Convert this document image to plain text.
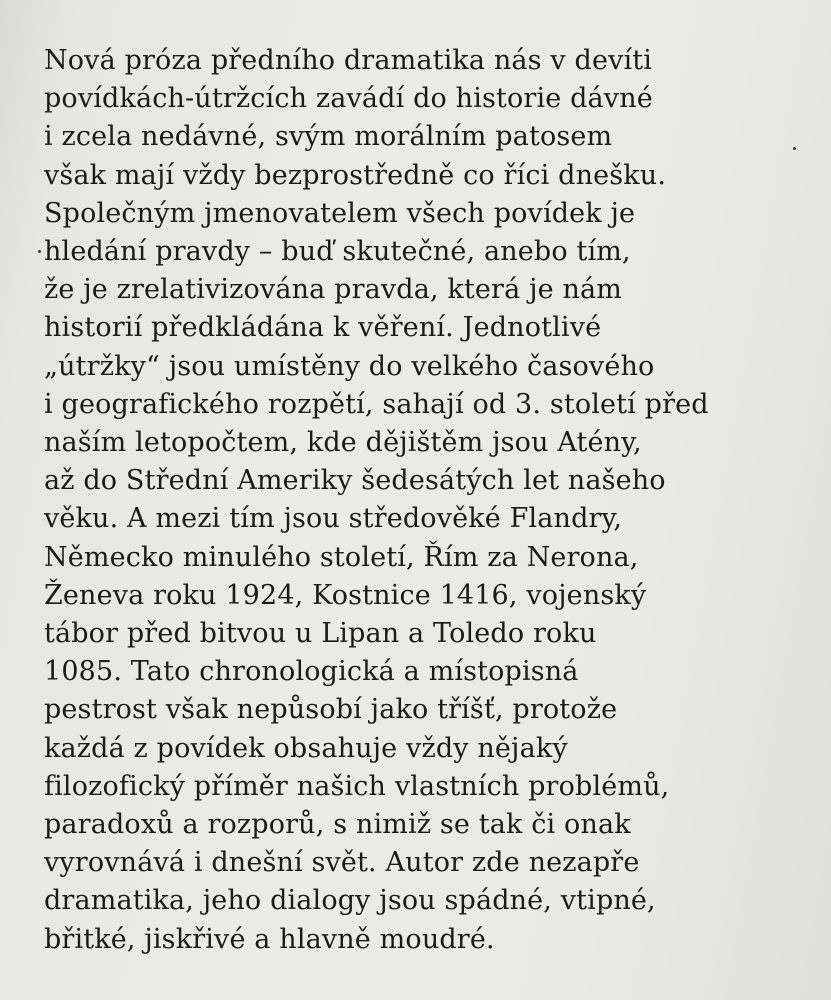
Nová próza předního dramatika nás v devíti
povídkách-útržcích zavádí do historie dávné
i zcela nedávné, svým morálním patosem
však mají vždy bezprostředně co říci dnešku.
Společným jmenovatelem všech povídek je
hledání pravdy – buď skutečné, anebo tím,
že je zrelativizována pravda, která je nám
historií předkládána k věření. Jednotlivé
„útržky“ jsou umístěny do velkého časového
i geografického rozpětí, sahají od 3. století před
naším letopočtem, kde dějištěm jsou Atény,
až do Střední Ameriky šedesátých let našeho
věku. A mezi tím jsou středověké Flandry,
Německo minulého století, Řím za Nerona,
Ženeva roku 1924, Kostnice 1416, vojenský
tábor před bitvou u Lipan a Toledo roku
1085. Tato chronologická a místopisná
pestrost však nepůsobí jako tříšť, protože
každá z povídek obsahuje vždy nějaký
filozofický příměr našich vlastních problémů,
paradoxů a rozporů, s nimiž se tak či onak
vyrovnává i dnešní svět. Autor zde nezapře
dramatika, jeho dialogy jsou spádné, vtipné,
břitké, jiskřivé a hlavně moudré.
